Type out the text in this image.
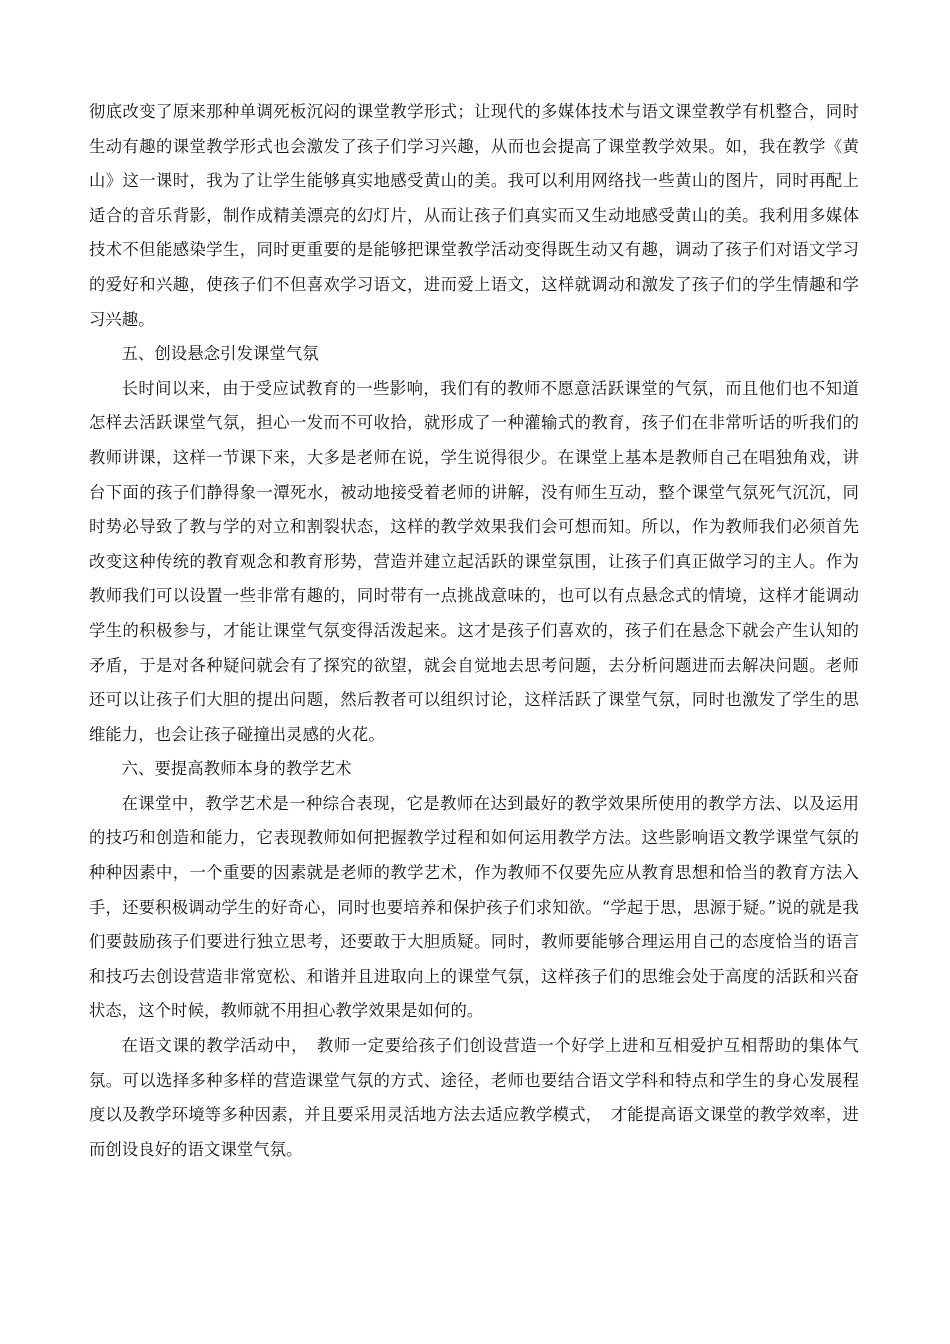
彻底改变了原来那种单调死板沉闷的课堂教学形式；让现代的多媒体技术与语文课堂教学有机整合，同时生动有趣的课堂教学形式也会激发了孩子们学习兴趣，从而也会提高了课堂教学效果。如，我在教学《黄山》这一课时，我为了让学生能够真实地感受黄山的美。我可以利用网络找一些黄山的图片，同时再配上适合的音乐背影，制作成精美漂亮的幻灯片，从而让孩子们真实而又生动地感受黄山的美。我利用多媒体技术不但能感染学生，同时更重要的是能够把课堂教学活动变得既生动又有趣，调动了孩子们对语文学习的爱好和兴趣，使孩子们不但喜欢学习语文，进而爱上语文，这样就调动和激发了孩子们的学生情趣和学习兴趣。

五、创设悬念引发课堂气氛

长时间以来，由于受应试教育的一些影响，我们有的教师不愿意活跃课堂的气氛，而且他们也不知道怎样去活跃课堂气氛，担心一发而不可收拾，就形成了一种灌输式的教育，孩子们在非常听话的听我们的教师讲课，这样一节课下来，大多是老师在说，学生说得很少。在课堂上基本是教师自己在唱独角戏，讲台下面的孩子们静得象一潭死水，被动地接受着老师的讲解，没有师生互动，整个课堂气氛死气沉沉，同时势必导致了教与学的对立和割裂状态，这样的教学效果我们会可想而知。所以，作为教师我们必须首先改变这种传统的教育观念和教育形势，营造并建立起活跃的课堂氛围，让孩子们真正做学习的主人。作为教师我们可以设置一些非常有趣的，同时带有一点挑战意味的，也可以有点悬念式的情境，这样才能调动学生的积极参与，才能让课堂气氛变得活泼起来。这才是孩子们喜欢的，孩子们在悬念下就会产生认知的矛盾，于是对各种疑问就会有了探究的欲望，就会自觉地去思考问题，去分析问题进而去解决问题。老师还可以让孩子们大胆的提出问题，然后教者可以组织讨论，这样活跃了课堂气氛，同时也激发了学生的思维能力，也会让孩子碰撞出灵感的火花。

六、要提高教师本身的教学艺术

在课堂中，教学艺术是一种综合表现，它是教师在达到最好的教学效果所使用的教学方法、以及运用的技巧和创造和能力，它表现教师如何把握教学过程和如何运用教学方法。这些影响语文教学课堂气氛的种种因素中，一个重要的因素就是老师的教学艺术，作为教师不仅要先应从教育思想和恰当的教育方法入手，还要积极调动学生的好奇心，同时也要培养和保护孩子们求知欲。“学起于思，思源于疑。”说的就是我们要鼓励孩子们要进行独立思考，还要敢于大胆质疑。同时，教师要能够合理运用自己的态度恰当的语言和技巧去创设营造非常宽松、和谐并且进取向上的课堂气氛，这样孩子们的思维会处于高度的活跃和兴奋状态，这个时候，教师就不用担心教学效果是如何的。

在语文课的教学活动中，　教师一定要给孩子们创设营造一个好学上进和互相爱护互相帮助的集体气氛。可以选择多种多样的营造课堂气氛的方式、途径，老师也要结合语文学科和特点和学生的身心发展程度以及教学环境等多种因素，并且要采用灵活地方法去适应教学模式，　才能提高语文课堂的教学效率，进而创设良好的语文课堂气氛。
